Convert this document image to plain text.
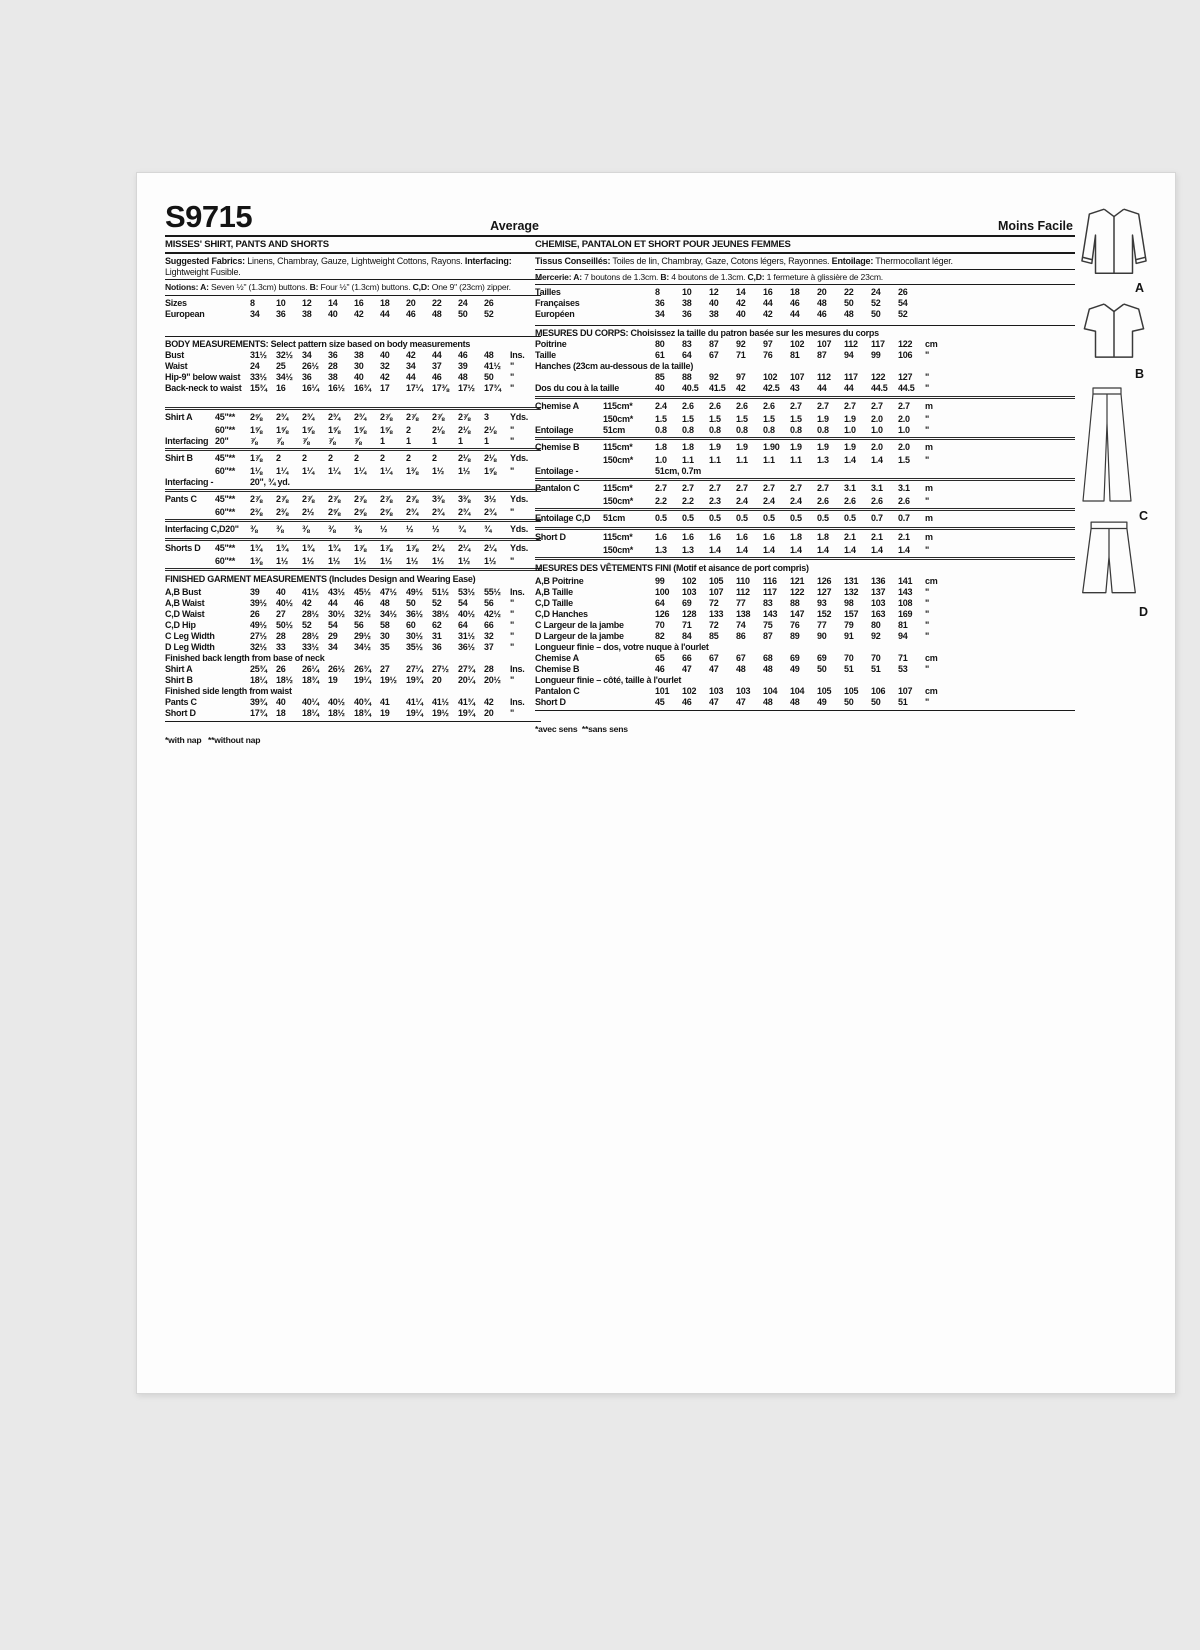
S9715	Average
MISSES' SHIRT, PANTS AND SHORTS
Suggested Fabrics: Linens, Chambray, Gauze, Lightweight Cottons, Rayons. Interfacing: Lightweight Fusible.
Notions: A: Seven ½" (1.3cm) buttons. B: Four ½" (1.3cm) buttons. C,D: One 9" (23cm) zipper.
Sizes	8	10	12	14	16	18	20	22	24	26
European	34	36	38	40	42	44	46	48	50	52
BODY MEASUREMENTS: Select pattern size based on body measurements
Bust	31½	32½	34	36	38	40	42	44	46	48	Ins.
Waist	24	25	26½	28	30	32	34	37	39	41½	"
Hip-9" below waist 33½	34½	36	38	40	42	44	46	48	50	"
Back-neck to waist 15¾	16	16¼	16½	16¾	17	17¼	17⅜	17½	17¾	"
Shirt A	45"** 2⅝	2¾	2¾	2¾	2¾	2⅞	2⅞	2⅞	2⅞	3	Yds.
60"** 1⅝	1⅝	1⅝	1⅝	1⅝	1⅝	2	2⅛	2⅛	2⅛	"
Interfacing 20" ⅞	⅞	⅞	⅞	⅞	1	1	1	1	1	"
Shirt B	45"** 1⅞	2	2	2	2	2	2	2	2⅛	2⅛	Yds.
60"** 1⅛	1¼	1¼	1¼	1¼	1¼	1⅜	1½	1½	1⅝	"
Interfacing -	20", ¾ yd.
Pants C	45"** 2⅞	2⅞	2⅞	2⅞	2⅞	2⅞	2⅞	3⅜	3⅜	3½	Yds.
60"** 2⅜	2⅜	2½	2⅝	2⅝	2⅝	2¾	2¾	2¾	2¾	"
Interfacing C,D 20" ⅜	⅜	⅜	⅜	⅜	½	½	½	¾	¾	Yds.
Shorts D	45"** 1¾	1¾	1¾	1¾	1⅞	1⅞	1⅞	2¼	2¼	2¼	Yds.
60"** 1⅜	1½	1½	1½	1½	1½	1½	1½	1½	1½	"
FINISHED GARMENT MEASUREMENTS (Includes Design and Wearing Ease)
A,B Bust	39	40	41½	43½	45½	47½	49½	51½	53½	55½	Ins.
A,B Waist	39½	40½	42	44	46	48	50	52	54	56	"
C,D Waist	26	27	28½	30½	32½	34½	36½	38½	40½	42½	"
C,D Hip	49½	50½	52	54	56	58	60	62	64	66	"
C Leg Width	27½	28	28½	29	29½	30	30½	31	31½	32	"
D Leg Width	32½	33	33½	34	34½	35	35½	36	36½	37	"
Finished back length from base of neck
Shirt A	25¾	26	26¼	26½	26¾	27	27¼	27½	27¾	28	Ins.
Shirt B	18¼	18½	18¾	19	19¼	19½	19¾	20	20¼	20½	"
Finished side length from waist
Pants C	39¾	40	40¼	40½	40¾	41	41¼	41½	41¾	42	Ins.
Short D	17¾	18	18¼	18½	18¾	19	19¼	19½	19¾	20	"
*with nap   **without nap
Moins Facile
CHEMISE, PANTALON ET SHORT POUR JEUNES FEMMES
Tissus Conseillés: Toiles de lin, Chambray, Gaze, Cotons légers, Rayonnes. Entoilage: Thermocollant léger.
Mercerie: A: 7 boutons de 1.3cm. B: 4 boutons de 1.3cm. C,D: 1 fermeture à glissière de 23cm.
Tailles	8	10	12	14	16	18	20	22	24	26
Françaises	36	38	40	42	44	46	48	50	52	54
Européen	34	36	38	40	42	44	46	48	50	52
MESURES DU CORPS: Choisissez la taille du patron basée sur les mesures du corps
Poitrine	80	83	87	92	97	102	107	112	117	122	cm
Taille	61	64	67	71	76	81	87	94	99	106	"
Hanches (23cm au-dessous de la taille)
85	88	92	97	102	107	112	117	122	127	"
Dos du cou à la taille	40	40.5	41.5	42	42.5	43	44	44	44.5	44.5	"
Chemise A	115cm* 2.4	2.6	2.6	2.6	2.6	2.7	2.7	2.7	2.7	2.7	m
150cm* 1.5	1.5	1.5	1.5	1.5	1.5	1.9	1.9	2.0	2.0	"
Entoilage	51cm	0.8	0.8	0.8	0.8	0.8	0.8	0.8	1.0	1.0	1.0	"
Chemise B	115cm* 1.8	1.8	1.9	1.9	1.90	1.9	1.9	1.9	2.0	2.0	m
150cm* 1.0	1.1	1.1	1.1	1.1	1.1	1.3	1.4	1.4	1.5	"
Entoilage -	51cm, 0.7m
Pantalon C	115cm* 2.7	2.7	2.7	2.7	2.7	2.7	2.7	3.1	3.1	3.1	m
150cm* 2.2	2.2	2.3	2.4	2.4	2.4	2.6	2.6	2.6	2.6	"
Entoilage C,D	51cm	0.5	0.5	0.5	0.5	0.5	0.5	0.5	0.5	0.7	0.7	m
Short D	115cm* 1.6	1.6	1.6	1.6	1.6	1.8	1.8	2.1	2.1	2.1	m
150cm* 1.3	1.3	1.4	1.4	1.4	1.4	1.4	1.4	1.4	1.4	"
MESURES DES VÊTEMENTS FINI (Motif et aisance de port compris)
A,B Poitrine	99	102	105	110	116	121	126	131	136	141	cm
A,B Taille	100	103	107	112	117	122	127	132	137	143	"
C,D Taille	64	69	72	77	83	88	93	98	103	108	"
C,D Hanches	126	128	133	138	143	147	152	157	163	169	"
C Largeur de la jambe	70	71	72	74	75	76	77	79	80	81	"
D Largeur de la jambe	82	84	85	86	87	89	90	91	92	94	"
Longueur finie – dos, votre nuque à l'ourlet
Chemise A	65	66	67	67	68	69	69	70	70	71	cm
Chemise B	46	47	47	48	48	49	50	51	51	53	"
Longueur finie – côté, taille à l'ourlet
Pantalon C	101	102	103	103	104	104	105	105	106	107	cm
Short D	45	46	47	47	48	48	49	50	50	51	"
*avec sens  **sans sens
A
B
C
D
